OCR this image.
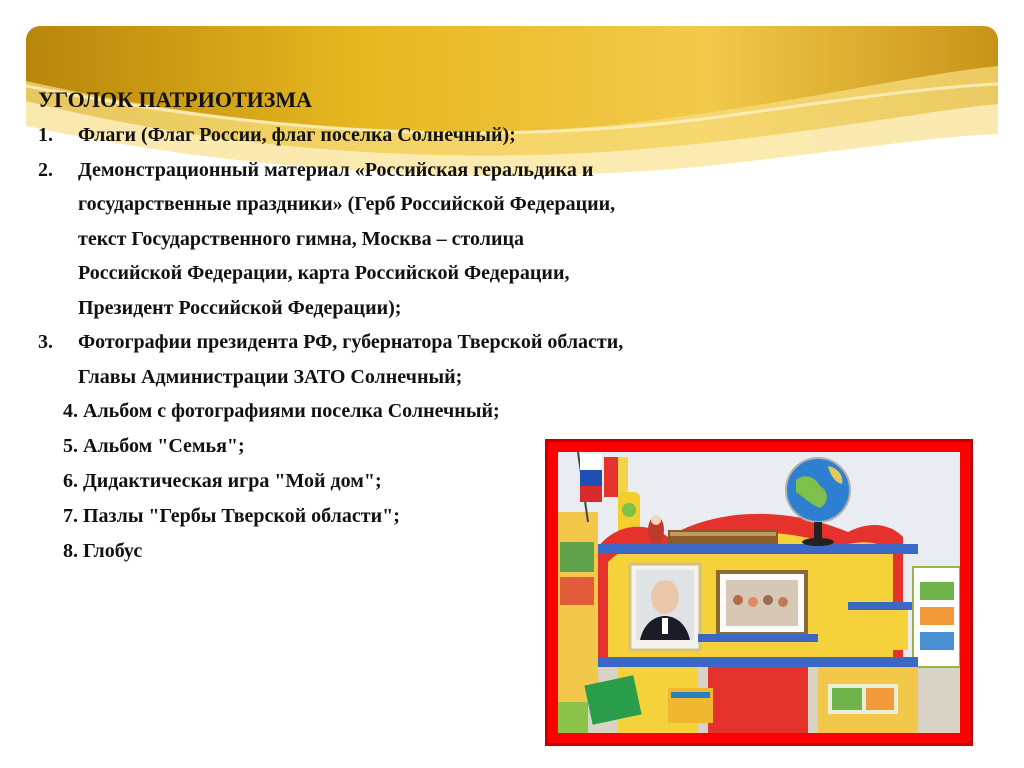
УГОЛОК ПАТРИОТИЗМА
1.	Флаги (Флаг России, флаг поселка Солнечный);
2.	Демонстрационный материал «Российская геральдика и
государственные праздники» (Герб Российской Федерации,
текст Государственного гимна, Москва – столица
Российской Федерации, карта Российской Федерации,
Президент Российской Федерации);
3.	Фотографии президента РФ, губернатора Тверской области,
Главы Администрации ЗАТО Солнечный;
4. Альбом с фотографиями поселка Солнечный;
5. Альбом "Семья";
6. Дидактическая игра "Мой дом";
7. Пазлы "Гербы Тверской области";
8. Глобус
